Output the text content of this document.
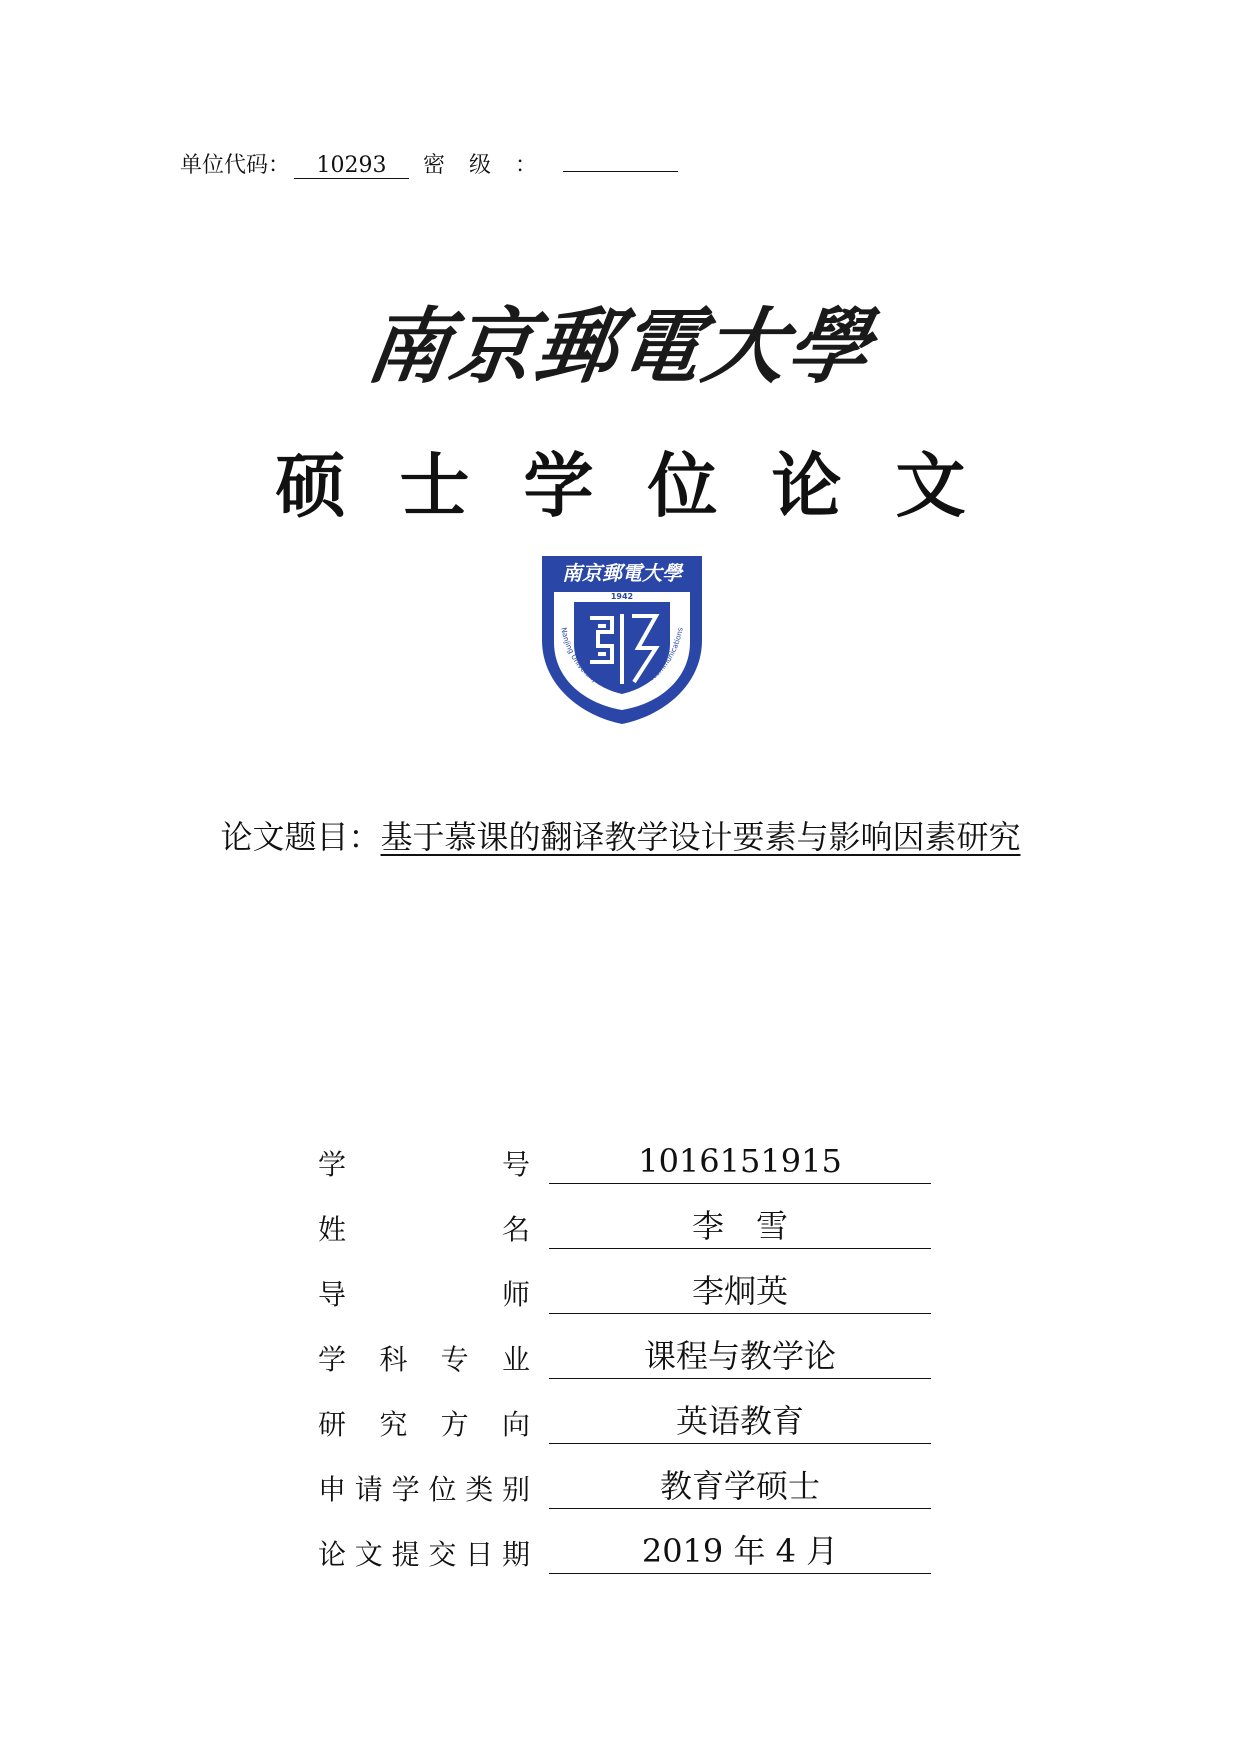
单位代码：	10293	密级：
南京郵電大學
硕士学位论文
南京郵電大學
1942
Nanjing University of Posts and Telecommunications
论文题目：基于慕课的翻译教学设计要素与影响因素研究
学	号	1016151915
姓	名	李　雪
导	师	李炯英
学 科 专 业	课程与教学论
研 究 方 向	英语教育
申 请 学 位 类 别	教育学硕士
论 文 提 交 日 期	2019 年 4 月
